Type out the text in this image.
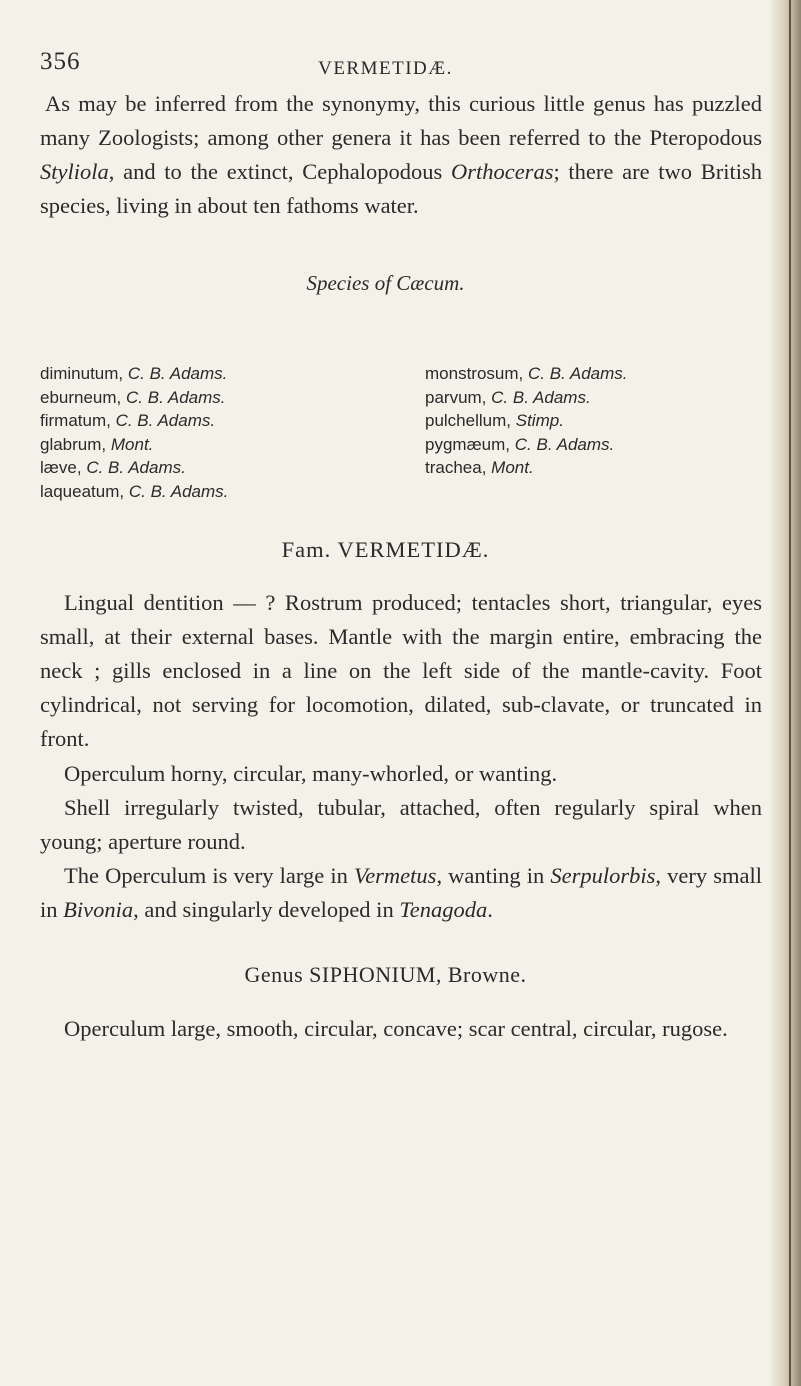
356	VERMETIDÆ.

As may be inferred from the synonymy, this curious little genus has puzzled many Zoologists; among other genera it has been referred to the Pteropodous Styliola, and to the extinct, Cephalopodous Orthoceras; there are two British species, living in about ten fathoms water.

Species of Cæcum.
diminutum, C. B. Adams.
eburneum, C. B. Adams.
firmatum, C. B. Adams.
glabrum, Mont.
læve, C. B. Adams.
laqueatum, C. B. Adams.
monstrosum, C. B. Adams.
parvum, C. B. Adams.
pulchellum, Stimp.
pygmæum, C. B. Adams.
trachea, Mont.
Fam. VERMETIDÆ.

Lingual dentition — ? Rostrum produced; tentacles short, triangular, eyes small, at their external bases. Mantle with the margin entire, embracing the neck ; gills enclosed in a line on the left side of the mantle-cavity. Foot cylindrical, not serving for locomotion, dilated, sub-clavate, or truncated in front.

Operculum horny, circular, many-whorled, or wanting.

Shell irregularly twisted, tubular, attached, often regularly spiral when young; aperture round.

The Operculum is very large in Vermetus, wanting in Serpulorbis, very small in Bivonia, and singularly developed in Tenagoda.

Genus SIPHONIUM, Browne.

Operculum large, smooth, circular, concave; scar central, circular, rugose.
